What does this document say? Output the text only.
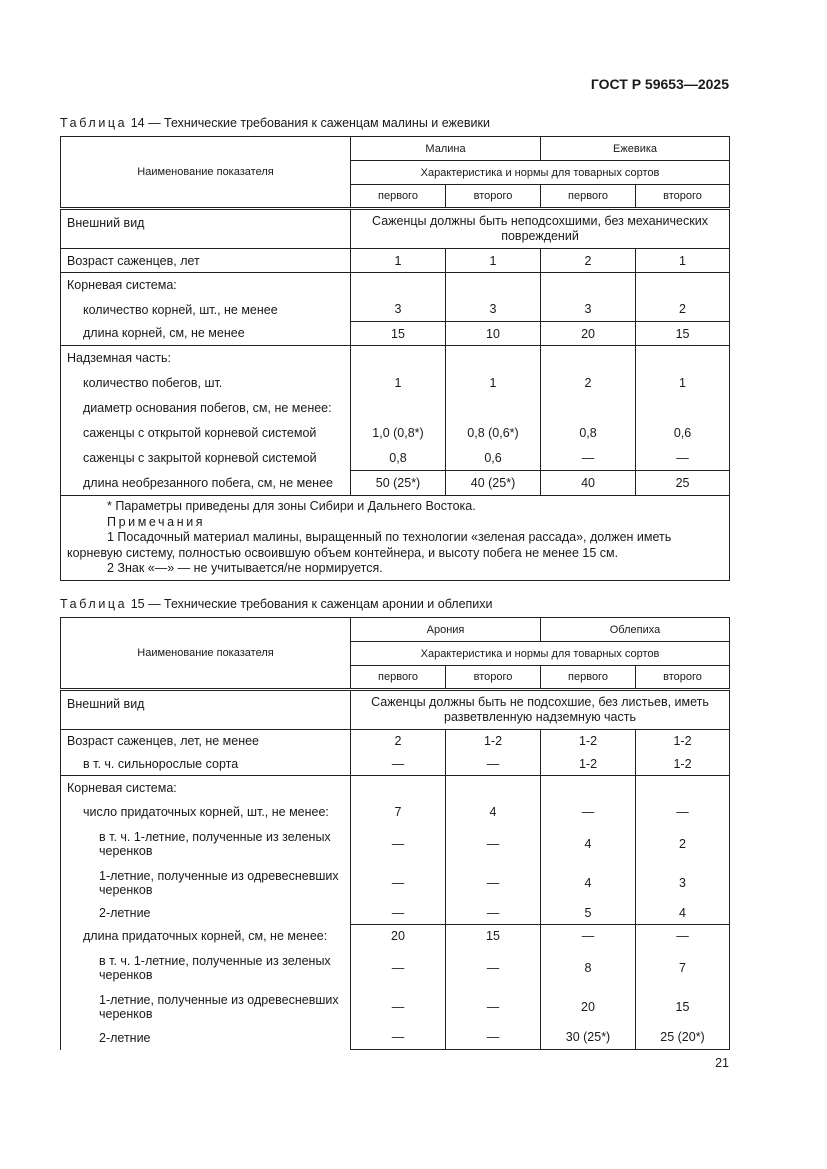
ГОСТ Р 59653—2025
Таблица 14 — Технические требования к саженцам малины и ежевики
Наименование показателя	Малина		Ежевика	
	Характеристика и нормы для товарных сортов			
	первого	второго	первого	второго
Внешний вид	Саженцы должны быть неподсохшими, без механических повреждений			
Возраст саженцев, лет	1	1	2	1
Корневая система:				
количество корней, шт., не менее	3	3	3	2
длина корней, см, не менее	15	10	20	15
Надземная часть:				
количество побегов, шт.	1	1	2	1
диаметр основания побегов, см, не менее:				
саженцы с открытой корневой системой	1,0 (0,8*)	0,8 (0,6*)	0,8	0,6
саженцы с закрытой корневой системой	0,8	0,6	—	—
длина необрезанного побега, см, не менее	50 (25*)	40 (25*)	40	25

* Параметры приведены для зоны Сибири и Дальнего Востока.
Примечания
1 Посадочный материал малины, выращенный по технологии «зеленая рассада», должен иметь корневую систему, полностью освоившую объем контейнера, и высоту побега не менее 15 см.
2 Знак «—» — не учитывается/не нормируется.				
Таблица 15 — Технические требования к саженцам аронии и облепихи
Наименование показателя	Арония		Облепиха	
	Характеристика и нормы для товарных сортов			
	первого	второго	первого	второго
Внешний вид	Саженцы должны быть не подсохшие, без листьев, иметь разветвленную надземную часть			
Возраст саженцев, лет, не менее	2	1-2	1-2	1-2
в т. ч. сильнорослые сорта	—	—	1-2	1-2
Корневая система:				
число придаточных корней, шт., не менее:	7	4	—	—
в т. ч. 1-летние, полученные из зеленых черенков	—	—	4	2
1-летние, полученные из одревесневших черенков	—	—	4	3
2-летние	—	—	5	4
длина придаточных корней, см, не менее:	20	15	—	—
в т. ч. 1-летние, полученные из зеленых черенков	—	—	8	7
1-летние, полученные из одревесневших черенков	—	—	20	15
2-летние	—	—	30 (25*)	25 (20*)
21
